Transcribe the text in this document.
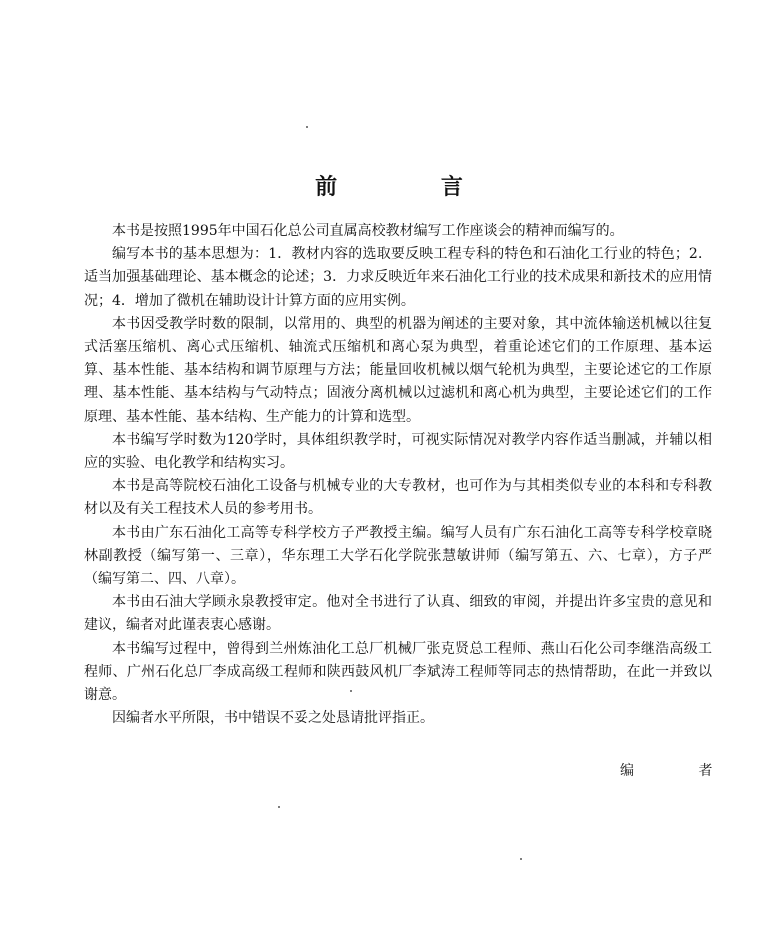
前 言

本书是按照1995年中国石化总公司直属高校教材编写工作座谈会的精神而编写的。

编写本书的基本思想为：1．教材内容的选取要反映工程专科的特色和石油化工行业的特色；2．适当加强基础理论、基本概念的论述；3．力求反映近年来石油化工行业的技术成果和新技术的应用情况；4．增加了微机在辅助设计计算方面的应用实例。

本书因受教学时数的限制，以常用的、典型的机器为阐述的主要对象，其中流体输送机械以往复式活塞压缩机、离心式压缩机、轴流式压缩机和离心泵为典型，着重论述它们的工作原理、基本运算、基本性能、基本结构和调节原理与方法；能量回收机械以烟气轮机为典型，主要论述它的工作原理、基本性能、基本结构与气动特点；固液分离机械以过滤机和离心机为典型，主要论述它们的工作原理、基本性能、基本结构、生产能力的计算和选型。

本书编写学时数为120学时，具体组织教学时，可视实际情况对教学内容作适当删减，并辅以相应的实验、电化教学和结构实习。

本书是高等院校石油化工设备与机械专业的大专教材，也可作为与其相类似专业的本科和专科教材以及有关工程技术人员的参考用书。

本书由广东石油化工高等专科学校方子严教授主编。编写人员有广东石油化工高等专科学校章晓林副教授（编写第一、三章），华东理工大学石化学院张慧敏讲师（编写第五、六、七章），方子严（编写第二、四、八章）。

本书由石油大学顾永泉教授审定。他对全书进行了认真、细致的审阅，并提出许多宝贵的意见和建议，编者对此谨表衷心感谢。

本书编写过程中，曾得到兰州炼油化工总厂机械厂张克贤总工程师、燕山石化公司李继浩高级工程师、广州石化总厂李成高级工程师和陕西鼓风机厂李斌涛工程师等同志的热情帮助，在此一并致以谢意。

因编者水平所限，书中错误不妥之处恳请批评指正。

编 者
